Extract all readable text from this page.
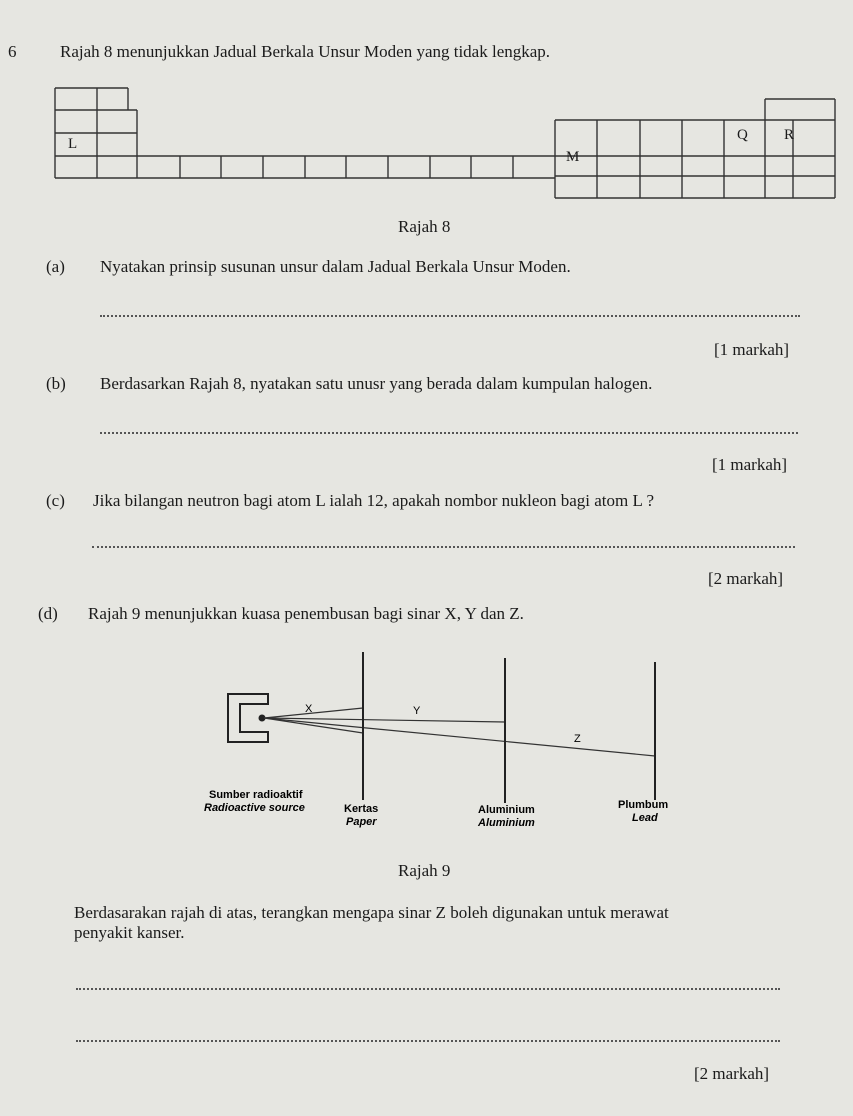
6	Rajah 8 menunjukkan Jadual Berkala Unsur Moden yang tidak lengkap.
L
M
Q R
Rajah 8
(a) Nyatakan prinsip susunan unsur dalam Jadual Berkala Unsur Moden.
[1 markah]
(b) Berdasarkan Rajah 8, nyatakan satu unusr yang berada dalam kumpulan halogen.
[1 markah]
(c) Jika bilangan neutron bagi atom L ialah 12, apakah nombor nukleon bagi atom L ?
[2 markah]
(d) Rajah 9 menunjukkan kuasa penembusan bagi sinar X, Y dan Z.
X	Y
Z
Sumber radioaktif
Radioactive source	Kertas
Paper
Aluminium
Aluminium
Plumbum
Lead
Rajah 9
Berdasarakan rajah di atas, terangkan mengapa sinar Z boleh digunakan untuk merawat
penyakit kanser.
[2 markah]
